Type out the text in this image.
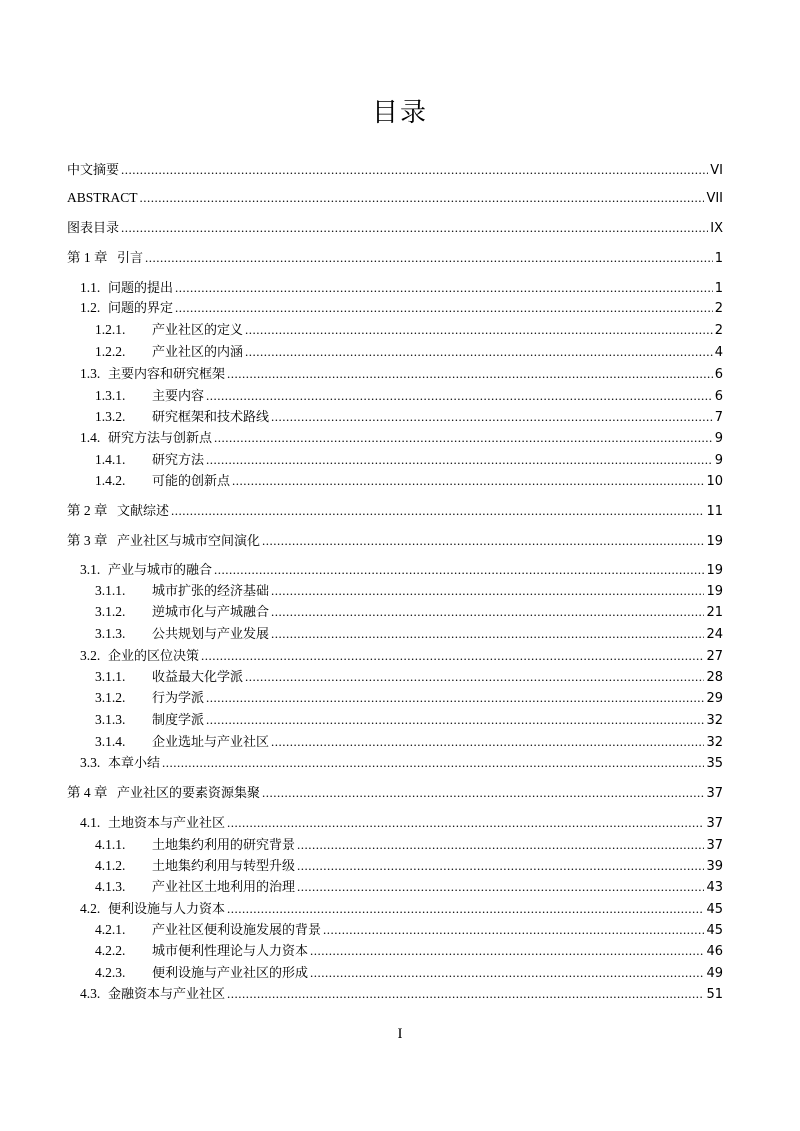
目录
中文摘要 .....	VI
ABSTRACT .....	VII
图表目录 .....	IX
第 1 章 引言 .....	1
1.1. 问题的提出 .....	1
1.2. 问题的界定 .....	2
1.2.1.	产业社区的定义 .....	2
1.2.2.	产业社区的内涵 .....	4
1.3. 主要内容和研究框架 .....	6
1.3.1.	主要内容 .....	6
1.3.2.	研究框架和技术路线 .....	7
1.4. 研究方法与创新点 .....	9
1.4.1.	研究方法 .....	9
1.4.2.	可能的创新点 .....	10
第 2 章 文献综述 .....	11
第 3 章 产业社区与城市空间演化 .....	19
3.1. 产业与城市的融合 .....	19
3.1.1.	城市扩张的经济基础 .....	19
3.1.2.	逆城市化与产城融合 .....	21
3.1.3.	公共规划与产业发展 .....	24
3.2. 企业的区位决策 .....	27
3.1.1.	收益最大化学派 .....	28
3.1.2.	行为学派 .....	29
3.1.3.	制度学派 .....	32
3.1.4.	企业选址与产业社区 .....	32
3.3. 本章小结 .....	35
第 4 章 产业社区的要素资源集聚 .....	37
4.1. 土地资本与产业社区 .....	37
4.1.1.	土地集约利用的研究背景 .....	37
4.1.2.	土地集约利用与转型升级 .....	39
4.1.3.	产业社区土地利用的治理 .....	43
4.2. 便利设施与人力资本 .....	45
4.2.1.	产业社区便利设施发展的背景 .....	45
4.2.2.	城市便利性理论与人力资本 .....	46
4.2.3.	便利设施与产业社区的形成 .....	49
4.3. 金融资本与产业社区 .....	51
I
